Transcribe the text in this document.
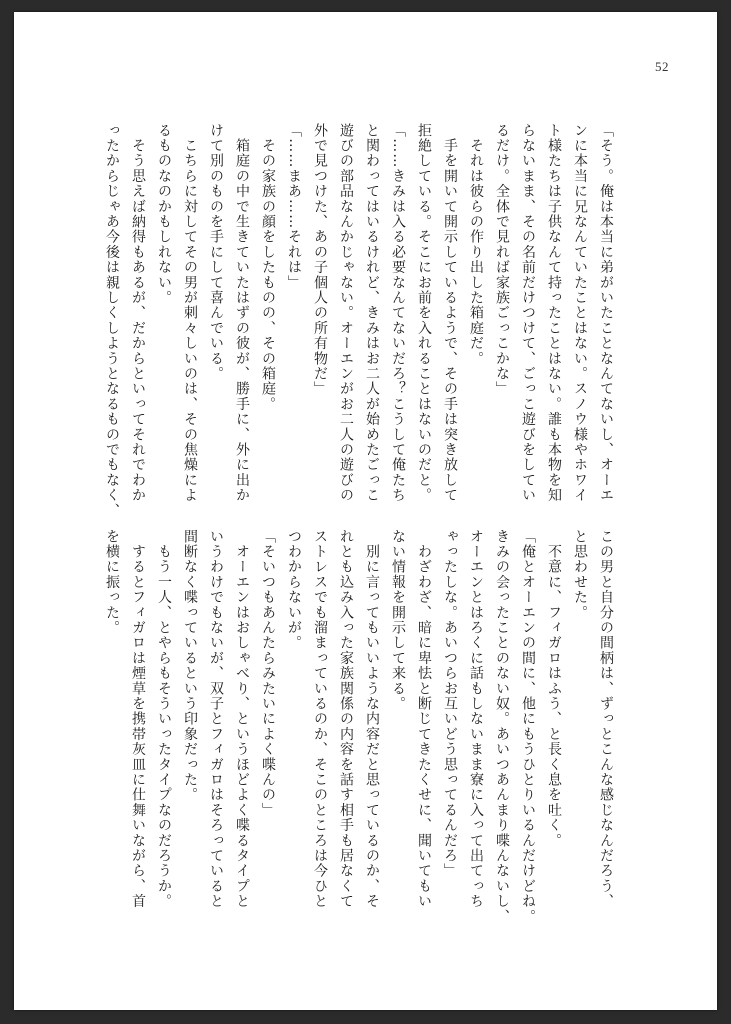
52
「そう。俺は本当に弟がいたことなんてないし、オーエ
ンに本当に兄なんていたことはない。スノウ様やホワイ
ト様たちは子供なんて持ったことはない。誰も本物を知
らないまま、その名前だけつけて、ごっこ遊びをしてい
るだけ。全体で見れば家族ごっこかな」
　それは彼らの作り出した箱庭だ。
　手を開いて開示しているようで、その手は突き放して
拒絶している。そこにお前を入れることはないのだと。
「……きみは入る必要なんてないだろ？こうして俺たち
と関わってはいるけれど、きみはお二人が始めたごっこ
遊びの部品なんかじゃない。オーエンがお二人の遊びの
外で見つけた、あの子個人の所有物だ」
「……まあ……それは」
　その家族の顔をしたものの、その箱庭。
　箱庭の中で生きていたはずの彼が、勝手に、外に出か
けて別のものを手にして喜んでいる。
　こちらに対してその男が刺々しいのは、その焦燥によ
るものなのかもしれない。
　そう思えば納得もあるが、だからといってそれでわか
ったからじゃあ今後は親しくしようとなるものでもなく、
この男と自分の間柄は、ずっとこんな感じなんだろう、
と思わせた。
　不意に、フィガロはふう、と長く息を吐く。
「俺とオーエンの間に、他にもうひとりいるんだけどね。
きみの会ったことのない奴。あいつあんまり喋んないし、
オーエンとはろくに話もしないまま寮に入って出てっち
ゃったしな。あいつらお互いどう思ってるんだろ」
　わざわざ、暗に卑怯と断じてきたくせに、聞いてもい
ない情報を開示して来る。
　別に言ってもいいような内容だと思っているのか、そ
れとも込み入った家族関係の内容を話す相手も居なくて
ストレスでも溜まっているのか、そこのところは今ひと
つわからないが。
「そいつもあんたらみたいによく喋んの」
　オーエンはおしゃべり、というほどよく喋るタイプと
いうわけでもないが、双子とフィガロはそろっていると
間断なく喋っているという印象だった。
　もう一人、とやらもそういったタイプなのだろうか。
　するとフィガロは煙草を携帯灰皿に仕舞いながら、首
を横に振った。
